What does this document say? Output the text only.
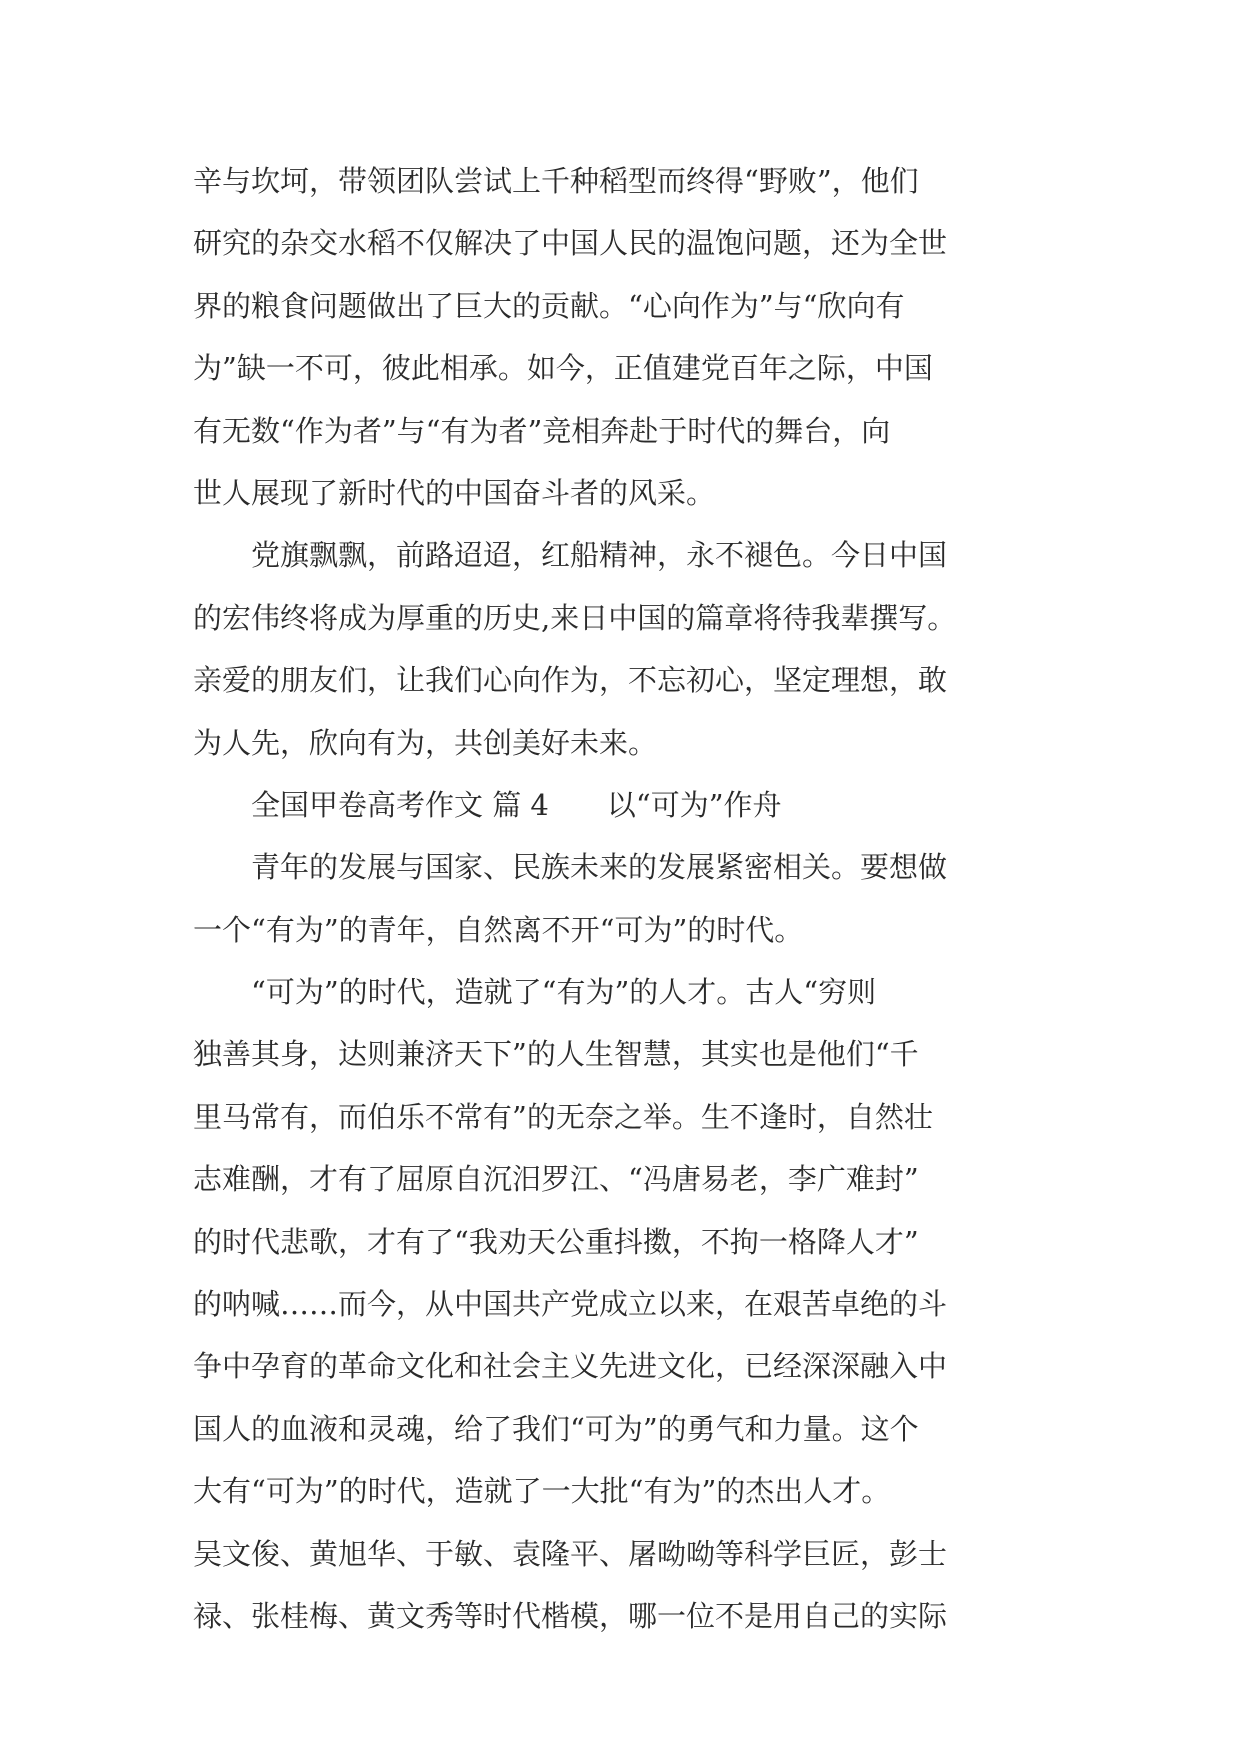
辛与坎坷，带领团队尝试上千种稻型而终得“野败”，他们
研究的杂交水稻不仅解决了中国人民的温饱问题，还为全世
界的粮食问题做出了巨大的贡献。“心向作为”与“欣向有
为”缺一不可，彼此相承。如今，正值建党百年之际，中国
有无数“作为者”与“有为者”竞相奔赴于时代的舞台，向
世人展现了新时代的中国奋斗者的风采。
党旗飘飘，前路迢迢，红船精神，永不褪色。今日中国
的宏伟终将成为厚重的历史,来日中国的篇章将待我辈撰写。
亲爱的朋友们，让我们心向作为，不忘初心，坚定理想，敢
为人先，欣向有为，共创美好未来。
全国甲卷高考作文 篇 4 以“可为”作舟
青年的发展与国家、民族未来的发展紧密相关。要想做
一个“有为”的青年，自然离不开“可为”的时代。
“可为”的时代，造就了“有为”的人才。古人“穷则
独善其身，达则兼济天下”的人生智慧，其实也是他们“千
里马常有，而伯乐不常有”的无奈之举。生不逢时，自然壮
志难酬，才有了屈原自沉汨罗江、“冯唐易老，李广难封”
的时代悲歌，才有了“我劝天公重抖擞，不拘一格降人才”
的呐喊……而今，从中国共产党成立以来，在艰苦卓绝的斗
争中孕育的革命文化和社会主义先进文化，已经深深融入中
国人的血液和灵魂，给了我们“可为”的勇气和力量。这个
大有“可为”的时代，造就了一大批“有为”的杰出人才。
吴文俊、黄旭华、于敏、袁隆平、屠呦呦等科学巨匠，彭士
禄、张桂梅、黄文秀等时代楷模，哪一位不是用自己的实际
